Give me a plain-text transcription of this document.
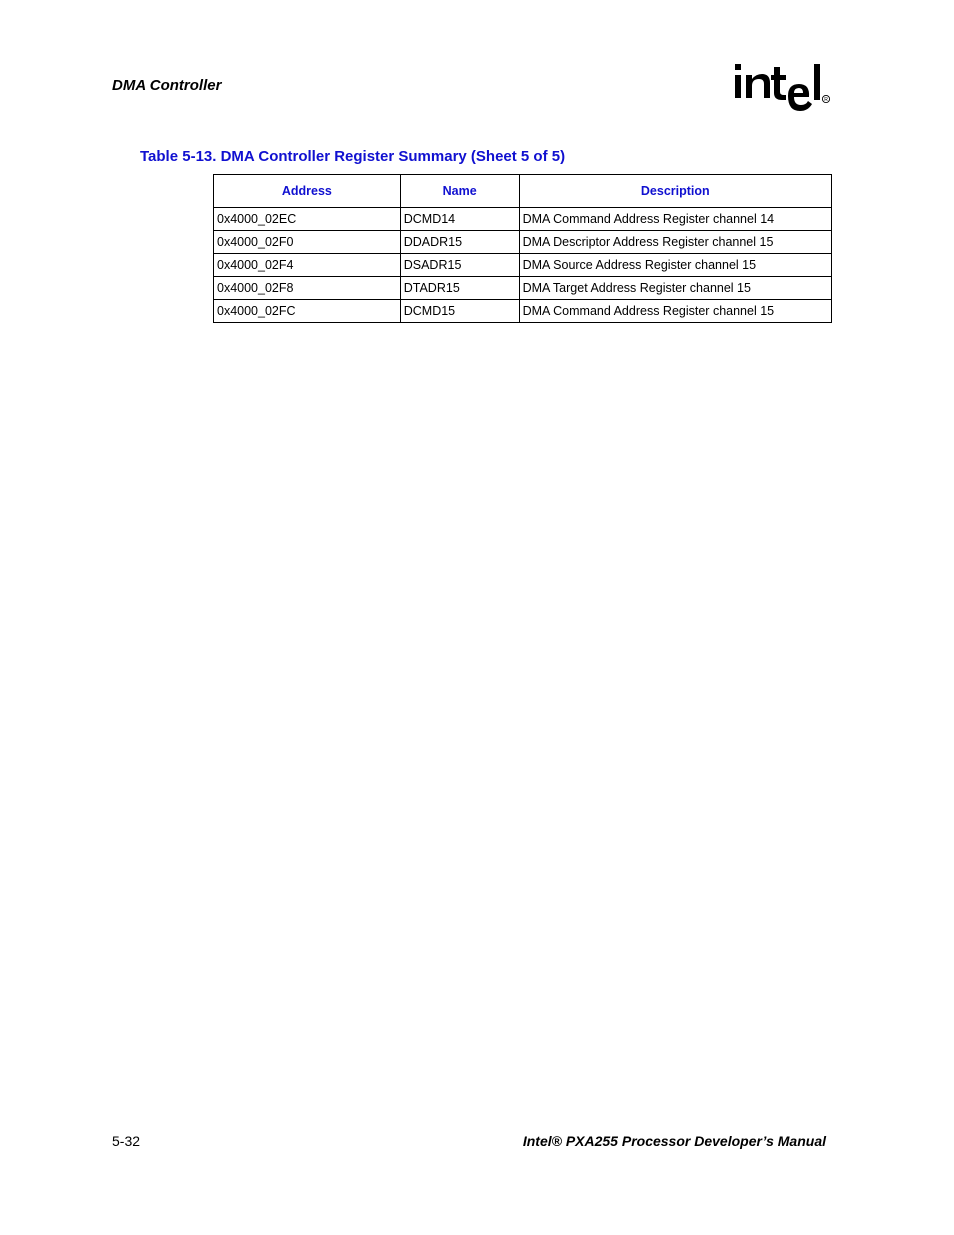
DMA Controller
R
Table 5-13. DMA Controller Register Summary (Sheet 5 of 5)
Address	Name	Description
0x4000_02EC	DCMD14	DMA Command Address Register channel 14
0x4000_02F0	DDADR15	DMA Descriptor Address Register channel 15
0x4000_02F4	DSADR15	DMA Source Address Register channel 15
0x4000_02F8	DTADR15	DMA Target Address Register channel 15
0x4000_02FC	DCMD15	DMA Command Address Register channel 15
5-32	Intel® PXA255 Processor Developer’s Manual
